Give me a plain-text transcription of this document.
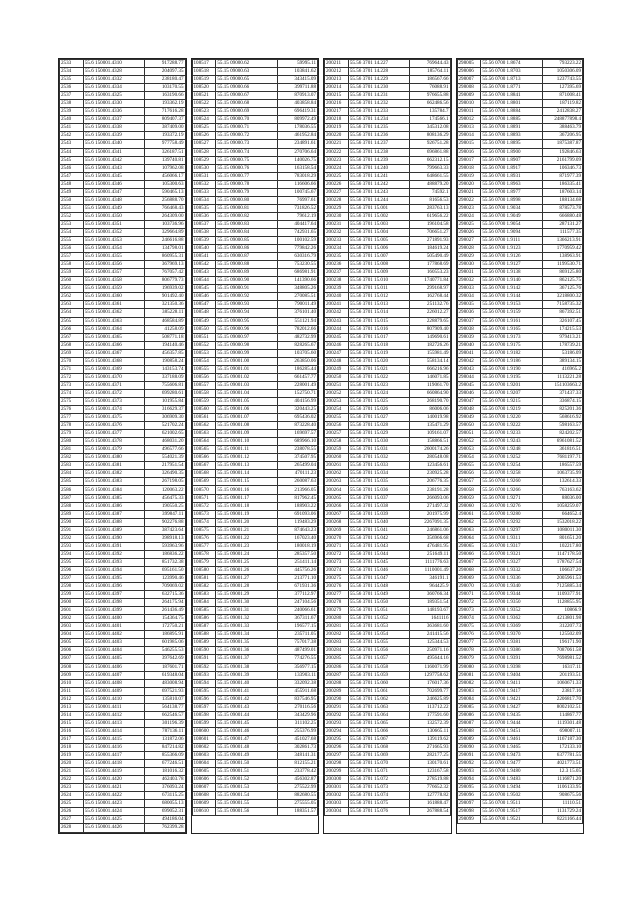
2533	55.6 150001.4310	917288.77
2534	55.6 150001.4328	204097.35
2535	55.6 150001.4332	238180.47
2536	55.6 150001.4334	103170.55
2537	55.6 150001.4325	163190.66
2538	55.6 150001.4330	193362.19
2539	55.6 150001.4336	717616.28
2540	55.6 150001.4337	809407.37
2541	55.6 150001.4338	387409.00
2542	55.6 150001.4339	193372.19
2543	55.6 150001.4340	977758.49
2544	55.6 150001.4341	326187.51
2545	55.6 150001.4342	139740.81
2546	55.6 150001.4343	107962.08
2547	55.6 150001.4345	456066.17
2548	55.6 150001.4346	105300.63
2549	55.6 150001.4347	590465.13
2550	55.6 150001.4348	256888.70
2551	55.6 150001.4349	766468.43
2552	55.6 150001.4350	264309.00
2553	55.6 150001.4351	103736.96
2554	55.6 150001.4352	329664.89
2555	55.6 150001.4353	246616.88
2556	55.6 150001.4354	134798.01
2557	55.6 150001.4355	860955.31
2558	55.6 150001.4356	367969.13
2559	55.6 150001.4357	767057.42
2560	55.6 150001.4358	806779.73
2561	55.6 150001.4359	196939.02
2562	55.6 150001.4360	901492.40
2563	55.6 150001.4361	321350.36
2564	55.6 150001.4362	385228.11
2565	55.6 150001.4363	468584.89
2566	55.6 150001.4364	41258.09
2567	55.6 150001.4365	508771.18
2568	55.6 150001.4366	194140.46
2569	55.6 150001.4367	456357.85
2570	55.6 150001.4368	190858.24
2571	55.6 150001.4369	143153.74
2572	55.6 150001.4370	337188.09
2573	55.6 150001.4371	755606.81
2574	55.6 150001.4372	699280.61
2575	55.6 150001.4373	101955.84
2576	55.6 150001.4374	316629.37
2577	55.6 150001.4375	306909.30
2578	55.6 150001.4376	521702.24
2579	55.6 150001.4377	621002.65
2580	55.6 150001.4378	468031.20
2581	55.6 150001.4379	496577.66
2582	55.6 150001.4380	554021.39
2583	55.6 150001.4381	217951.54
2584	55.6 150001.4382	326490.35
2585	55.6 150001.4383	267198.05
2586	55.6 150001.4384	120063.22
2587	55.6 150001.4385	456475.33
2588	55.6 150001.4386	190550.25
2589	55.6 150001.4387	399847.11
2590	55.6 150001.4388	902276.88
2591	55.6 150001.4389	387423.64
2592	55.6 150001.4390	398918.13
2593	55.6 150001.4391	593963.96
2594	55.6 150001.4392	186836.22
2595	55.6 150001.4393	851732.38
2596	55.6 150001.4394	695161.50
2597	55.6 150001.4395	123990.46
2598	55.6 150001.4396	709069.02
2599	55.6 150001.4397	632715.36
2600	55.6 150001.4398	264175.94
2601	55.6 150001.4399	261436.49
2602	55.6 150001.4400	154364.75
2603	55.6 150001.4401	172750.21
2604	55.6 150001.4402	186895.91
2605	55.6 150001.4403	601985.06
2606	55.6 150001.4404	546255.53
2607	55.6 150001.4405	397642.69
2608	55.6 150001.4406	187601.71
2609	55.6 150001.4407	619348.04
2610	55.6 150001.4408	483008.94
2611	55.6 150001.4409	697521.93
2612	55.6 150001.4410	135810.07
2613	55.6 150001.4411	564138.77
2614	55.6 150001.4412	662546.57
2615	55.6 150001.4413	301196.39
2616	55.6 150001.4414	787136.11
2617	55.6 150001.4415	131872.06
2618	55.6 150001.4416	847214.82
2619	55.6 150001.4417	855366.09
2620	55.6 150001.4418	677246.51
2621	55.6 150001.4419	181016.32
2622	55.6 150001.4420	462403.78
2623	55.6 150001.4421	376093.24
2624	55.6 150001.4422	673115.25
2625	55.6 150001.4423	680055.13
2626	55.6 150001.4424	699052.31
2627	55.6 150001.4425	494186.04
2628	55.6 150001.4426	762399.28
108517	55.15 09000.62	59995.11
108518	55.15 09000.63	103841.62
108519	55.15 09000.65	343415.09
108520	55.15 09000.66	399711.88
108521	55.15 09000.67	870913.07
108522	55.15 09000.68	403858.84
108523	55.15 09000.69	696419.31
108524	55.15 09000.70	809972.49
108525	55.15 09000.71	178036.55
108526	55.15 09000.72	461952.84
108527	55.15 09000.73	234891.61
108528	55.15 09000.74	270706.64
108529	55.15 09000.75	140026.75
108530	55.15 09000.76	163158.54
108531	55.15 09000.77	783018.29
108532	55.15 09000.78	116606.66
108533	55.15 09000.79	100745.67
108534	55.15 09000.80	76997.61
108535	55.15 09000.81	731826.52
108536	55.15 09000.82	79612.19
108537	55.15 09000.83	404417.64
108538	55.15 09000.84	742931.65
108539	55.15 09000.85	100102.59
108540	55.15 09000.86	779842.26
108541	55.15 09000.87	630316.79
108542	55.15 09000.88	753230.55
108543	55.15 09000.89	686981.91
108544	55.15 09000.90	141390.66
108545	55.15 09000.91	348805.26
108546	55.15 09000.92	270085.51
108547	55.15 09000.93	790011.49
108548	55.15 09000.94	376101.40
108549	55.15 09000.95	551121.94
108550	55.15 09000.96	782012.66
108551	55.15 09000.97	482732.99
108552	55.15 09000.98	828265.67
108553	55.15 09000.99	103705.60
108554	55.15 09001.00	263850.06
108555	55.15 09001.01	186285.44
108556	55.15 09001.02	661457.77
108557	55.15 09001.03	228001.49
108558	55.15 09001.04	152750.71
108559	55.15 09001.05	404156.99
108560	55.15 09001.06	320443.25
108561	55.15 09001.07	695436.02
108562	55.15 09001.08	873228.40
108563	55.15 09001.09	169697.57
108564	55.15 09001.10	689966.10
108565	55.15 09001.11	238078.55
108566	55.15 09001.12	374507.95
108567	55.15 09001.13	265499.04
108568	55.15 09001.14	470111.23
108569	55.15 09001.15	260087.63
108570	55.15 09001.16	213966.05
108571	55.15 09001.17	817962.45
108572	55.15 09001.18	188903.22
108573	55.15 09001.19	691093.06
108574	55.15 09001.20	119483.29
108575	55.15 09001.21	874643.23
108576	55.15 09001.22	167023.40
108577	55.15 09001.23	180018.19
108578	55.15 09001.24	285357.50
108579	55.15 09001.25	251411.14
108580	55.15 09001.26	445756.26
108581	55.15 09001.27	213771.10
108582	55.15 09001.28	671931.36
108583	55.15 09001.29	377112.97
108584	55.15 09001.30	247104.56
108585	55.15 09001.31	240066.61
108586	55.15 09001.32	367311.67
108587	55.15 09001.33	196577.15
108588	55.15 09001.34	235711.05
108589	55.15 09001.35	757017.38
108590	55.15 09001.36	487499.01
108591	55.15 09001.37	774276.55
108592	55.15 09001.38	356977.15
108593	55.15 09001.39	133903.11
108594	55.15 09001.40	332092.38
108595	55.15 09001.41	455911.68
108596	55.15 09001.42	837546.95
108597	55.15 09001.43	270116.56
108598	55.15 09001.44	343429.96
108599	55.15 09001.45	311102.25
108600	55.15 09001.46	255376.99
108601	55.15 09001.47	451027.68
108602	55.15 09001.48	302861.73
108603	55.15 09001.49	348141.31
108604	55.15 09001.50	812155.21
108605	55.15 09001.51	233778.42
108606	55.15 09001.52	456302.87
108607	55.15 09001.53	275522.99
108608	55.15 09001.54	882680.55
108609	55.15 09001.55	275555.05
108610	55.15 09001.56	188351.57
200211	55.56 3701 14.227	769644.43
200212	55.56 3701 14.228	185764.11
200213	55.56 3701 14.229	186567.66
200214	55.56 3701 14.230	76088.91
200215	55.56 3701 14.231	976655.88
200216	55.56 3701 14.232	662486.56
200217	55.56 3701 14.233	135784.7
200218	55.56 3701 14.234	174566.1
200219	55.56 3701 14.235	345312.08
200220	55.56 3701 14.236	808136.29
200221	55.56 3701 14.237	926751.28
200222	55.56 3701 14.238	696861.88
200223	55.56 3701 14.239	662312.15
200224	55.56 3701 14.240	799663.33
200225	55.56 3701 14.241	648661.55
200226	55.56 3701 14.242	488879.20
200227	55.56 3701 14.243	74592.1
200228	55.56 3701 14.244	81656.53
200229	55.56 3701 15.001	283763.13
200230	55.56 3701 15.002	619656.22
200231	55.56 3701 15.003	196104.58
200232	55.56 3701 15.004	706651.27
200233	55.56 3701 15.005	271891.93
200234	55.56 3701 15.006	184619.24
200235	55.56 3701 15.007	505490.49
200236	55.56 3701 15.008	177868.69
200237	55.56 3701 15.009	160553.23
200238	55.56 3701 15.010	1740771.84
200239	55.56 3701 15.011	299168.97
200240	55.56 3701 15.012	162768.44
200241	55.56 3701 15.013	251132.76
200242	55.56 3701 15.014	226012.27
200243	55.56 3701 15.015	228879.65
200244	55.56 3701 15.016	807909.40
200245	55.56 3701 15.017	149690.61
200246	55.56 3701 15.018	182726.26
200247	55.56 3701 15.019	155981.49
200248	55.56 3701 15.020	558134.14
200249	55.56 3701 15.021	666216.96
200250	55.56 3701 15.022	146071.85
200251	55.56 3701 15.023	119061.70
200252	55.56 3701 15.024	660864.90
200253	55.56 3701 15.025	268190.70
200254	55.56 3701 15.026	86006.06
200255	55.56 3701 15.027	140019.98
200256	55.56 3701 15.028	135471.29
200257	55.56 3701 15.029	109161.07
200258	55.56 3701 15.030	158866.51
200259	55.56 3701 15.031	2600174.26
200260	55.56 3701 15.032	280548.08
200261	55.56 3701 15.033	123456.61
200262	55.56 3701 15.034	230925.28
200263	55.56 3701 15.035	206776.35
200264	55.56 3701 15.036	238191.28
200265	55.56 3701 15.037	266093.06
200266	55.56 3701 15.038	271497.32
200267	55.56 3701 15.039	201975.99
200268	55.56 3701 15.040	2267091.35
200269	55.56 3701 15.041	246861.06
200270	55.56 3701 15.042	356966.68
200271	55.56 3701 15.043	476481.95
200272	55.56 3701 15.044	251649.11
200273	55.56 3701 15.045	1111776.63
200274	55.56 3701 15.046	1110001.49
200275	55.56 3701 15.047	346191.1
200276	55.56 3701 15.048	964425.9
200277	55.56 3701 15.049	360766.34
200278	55.56 3701 15.050	189351.54
200279	55.56 3701 15.051	148193.67
200280	55.56 3701 15.052	1641116
200281	55.56 3701 15.053	363681.60
200282	55.56 3701 15.054	241415.56
200283	55.56 3701 15.055	125344.53
200284	55.56 3701 15.056	250971.16
200285	55.56 3701 15.057	495644.16
200286	55.56 3701 15.058	1160071.99
200287	55.56 3701 15.059	1297758.62
200288	55.56 3701 15.060	176017.36
200289	55.56 3701 15.061	702699.77
200290	55.56 3701 15.062	246625.89
200291	55.56 3701 15.063	113712.22
200292	55.56 3701 15.064	177591.60
200293	55.56 3701 15.065	132572.39
200294	55.56 3701 15.066	130665.11
200295	55.56 3701 15.067	139119.62
200296	55.56 3701 15.068	271665.93
200297	55.56 3701 15.069	282177.25
200298	55.56 3701 15.070	130170.61
200299	55.56 3701 15.071	123167.58
200300	55.56 3701 15.072	278519.88
200301	55.56 3701 15.073	776652.32
200302	55.56 3701 15.074	127778.82
200303	55.56 3701 15.075	161888.47
200304	55.56 3701 15.076	267888.54
298005	55.56 0700 1.8674	793223.22
298006	55.56 0700 1.8703	1050306.09
298007	55.56 0700 1.8713	1237743.55
298008	55.56 0700 1.8771	127395.69
298009	55.56 0700 1.8841	871008.41
298010	55.56 0700 1.8801	187119.82
298011	55.56 0700 1.8884	2412838.27
298012	55.56 0700 1.8885	248877898.4
298013	55.56 0700 1.8891	388463.79
298014	55.56 0700 1.8893	367206.95
298015	55.56 0700 1.8895	1875387.87
298016	55.56 0700 1.8900	192846.63
298017	55.56 0700 1.8907	2161799.09
298018	55.56 0700 1.8917	106346.73
298019	55.56 0700 1.8931	871977.39
298020	55.56 0700 1.8963	186335.41
298021	55.56 0700 1.8977	187603.14
298022	55.56 0700 1.8998	188134.68
298023	55.56 0700 1.9034	878573.78
298024	55.56 0700 1.9049	666880.48
298025	55.56 0700 1.9054	287131.27
298026	55.56 0700 1.9094	111577.35
298027	55.56 0700 1.9111	1366213.91
298028	55.56 0700 1.9123	1770959.42
298029	55.56 0700 1.9126	138963.91
298030	55.56 0700 1.9127	1199530.71
298031	55.56 0700 1.9138	869125.80
298032	55.56 0700 1.9140	862125.75
298033	55.56 0700 1.9142	367125.76
298034	55.56 0700 1.9144	3218800.32
298035	55.56 0700 1.9153	7158735.32
298036	55.56 0700 1.9159	867392.51
298037	55.56 0700 1.9161	326107.45
298038	55.56 0700 1.9165	174215.53
298039	55.56 0700 1.9173	979413.21
298040	55.56 0700 1.9175	178739.21
298041	55.56 0700 1.9182	53186.09
298042	55.56 0700 1.9186	389134.15
298043	55.56 0700 1.9190	416965.2
298044	55.56 0700 1.9195	1113221.28
298045	55.56 0700 1.9201	151103663.2
298046	55.56 0700 1.9207	371437.33
298047	55.56 0700 1.9215	336874.15
298048	55.56 0700 1.9219	825201.36
298049	55.56 0700 1.9220	568616.92
298050	55.56 0700 1.9222	598163.57
298051	55.56 0700 1.9233	824202.57
298052	55.56 0700 1.9243	6961081.52
298053	55.56 0700 1.9248	361816.51
298054	55.56 0700 1.9252	7681197.71
298055	55.56 0700 1.9254	186557.59
298056	55.56 0700 1.9258	1063735.99
298057	55.56 0700 1.9260	132614.33
298058	55.56 0700 1.9266	763163.62
298059	55.56 0700 1.9271	88036.00
298060	55.56 0700 1.9276	1058259.07
298061	55.56 0700 1.9280	664652.4
298062	55.56 0700 1.9292	1532018.22
298063	55.56 0700 1.9297	1080011.30
298064	55.56 0700 1.9311	801651.20
298065	55.56 0700 1.9317	102217.80
298066	55.56 0700 1.9321	1147178.50
298067	55.56 0700 1.9327	1787627.54
298068	55.56 0700 1.9332	106637.26
298069	55.56 0700 1.9336	2005961.53
298070	55.56 0700 1.9340	7125885.34
298071	55.56 0700 1.9344	1109377.91
298072	55.56 0700 1.9350	1128855.95
298073	55.56 0700 1.9352	10866.9
298074	55.56 0700 1.9362	4213801.98
298075	55.56 0700 1.9369	312207.73
298076	55.56 0700 1.9370	125502.09
298077	55.56 0700 1.9381	196171.90
298078	55.56 0700 1.9386	7087061.58
298079	55.56 0700 1.9391	7698981.52
298080	55.56 0700 1.9398	16317.11
298081	55.56 0700 1.9404	201193.51
298082	55.56 0700 1.9411	1060671.33
298083	55.56 0700 1.9417	23817.16
298084	55.56 0700 1.9421	2206817.70
298085	55.56 0700 1.9427	8002102.51
298086	55.56 0700 1.9435	114867.77
298087	55.56 0700 1.9444	1119301.48
298088	55.56 0700 1.9451	698007.11
298089	55.56 0700 1.9461	1167187.30
298090	55.56 0700 1.9465	172133.10
298091	55.56 0700 1.9473	6377781.55
298092	55.56 0700 1.9477	4021773.51
298093	55.56 0700 1.9480	12.3 15.05
298094	55.56 0700 1.9483	1116871.20
298095	55.56 0700 1.9494	1106133.95
298096	55.56 0700 1.9502	908675.56
298097	55.56 0700 1.9511	11110.51
298098	55.56 0700 1.9517	1131729.24
298099	55.56 0700 1.9521	8221166.44
